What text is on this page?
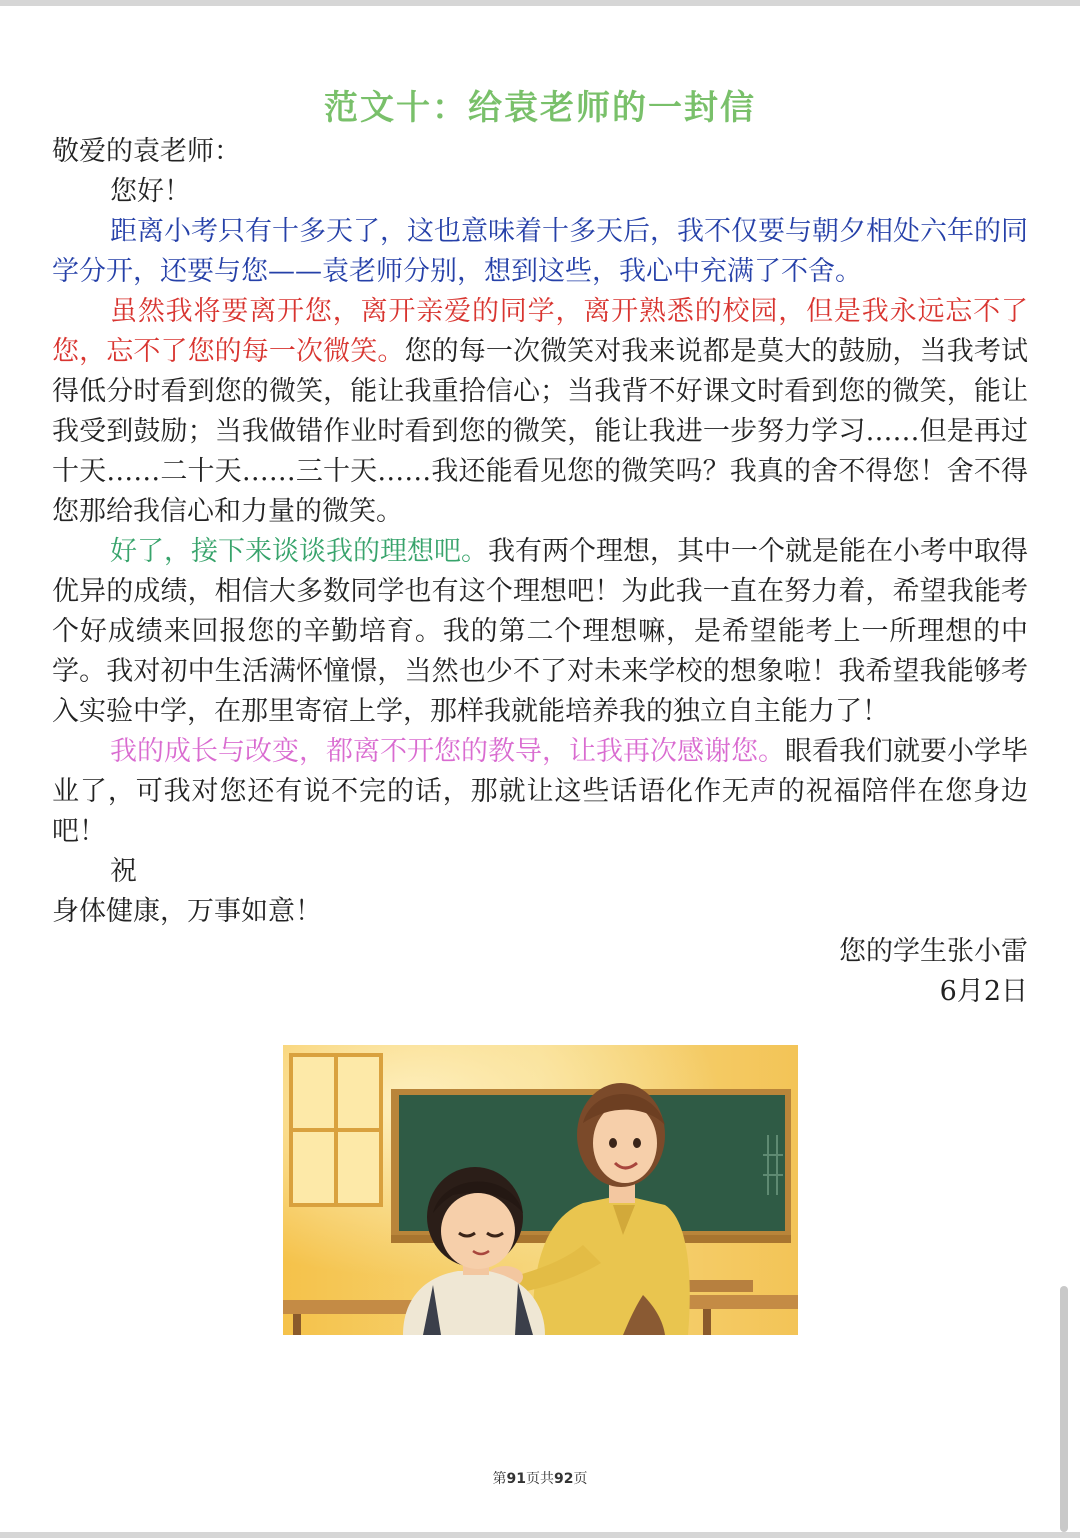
范文十：给袁老师的一封信

敬爱的袁老师：

您好！

距离小考只有十多天了，这也意味着十多天后，我不仅要与朝夕相处六年的同学分开，还要与您——袁老师分别，想到这些，我心中充满了不舍。

虽然我将要离开您，离开亲爱的同学，离开熟悉的校园，但是我永远忘不了您，忘不了您的每一次微笑。您的每一次微笑对我来说都是莫大的鼓励，当我考试得低分时看到您的微笑，能让我重拾信心；当我背不好课文时看到您的微笑，能让我受到鼓励；当我做错作业时看到您的微笑，能让我进一步努力学习……但是再过十天……二十天……三十天……我还能看见您的微笑吗？我真的舍不得您！舍不得您那给我信心和力量的微笑。

好了，接下来谈谈我的理想吧。我有两个理想，其中一个就是能在小考中取得优异的成绩，相信大多数同学也有这个理想吧！为此我一直在努力着，希望我能考个好成绩来回报您的辛勤培育。我的第二个理想嘛，是希望能考上一所理想的中学。我对初中生活满怀憧憬，当然也少不了对未来学校的想象啦！我希望我能够考入实验中学，在那里寄宿上学，那样我就能培养我的独立自主能力了！

我的成长与改变，都离不开您的教导，让我再次感谢您。眼看我们就要小学毕业了，可我对您还有说不完的话，那就让这些话语化作无声的祝福陪伴在您身边吧！

祝

身体健康，万事如意！

您的学生张小雷

6月2日

第91页共92页
